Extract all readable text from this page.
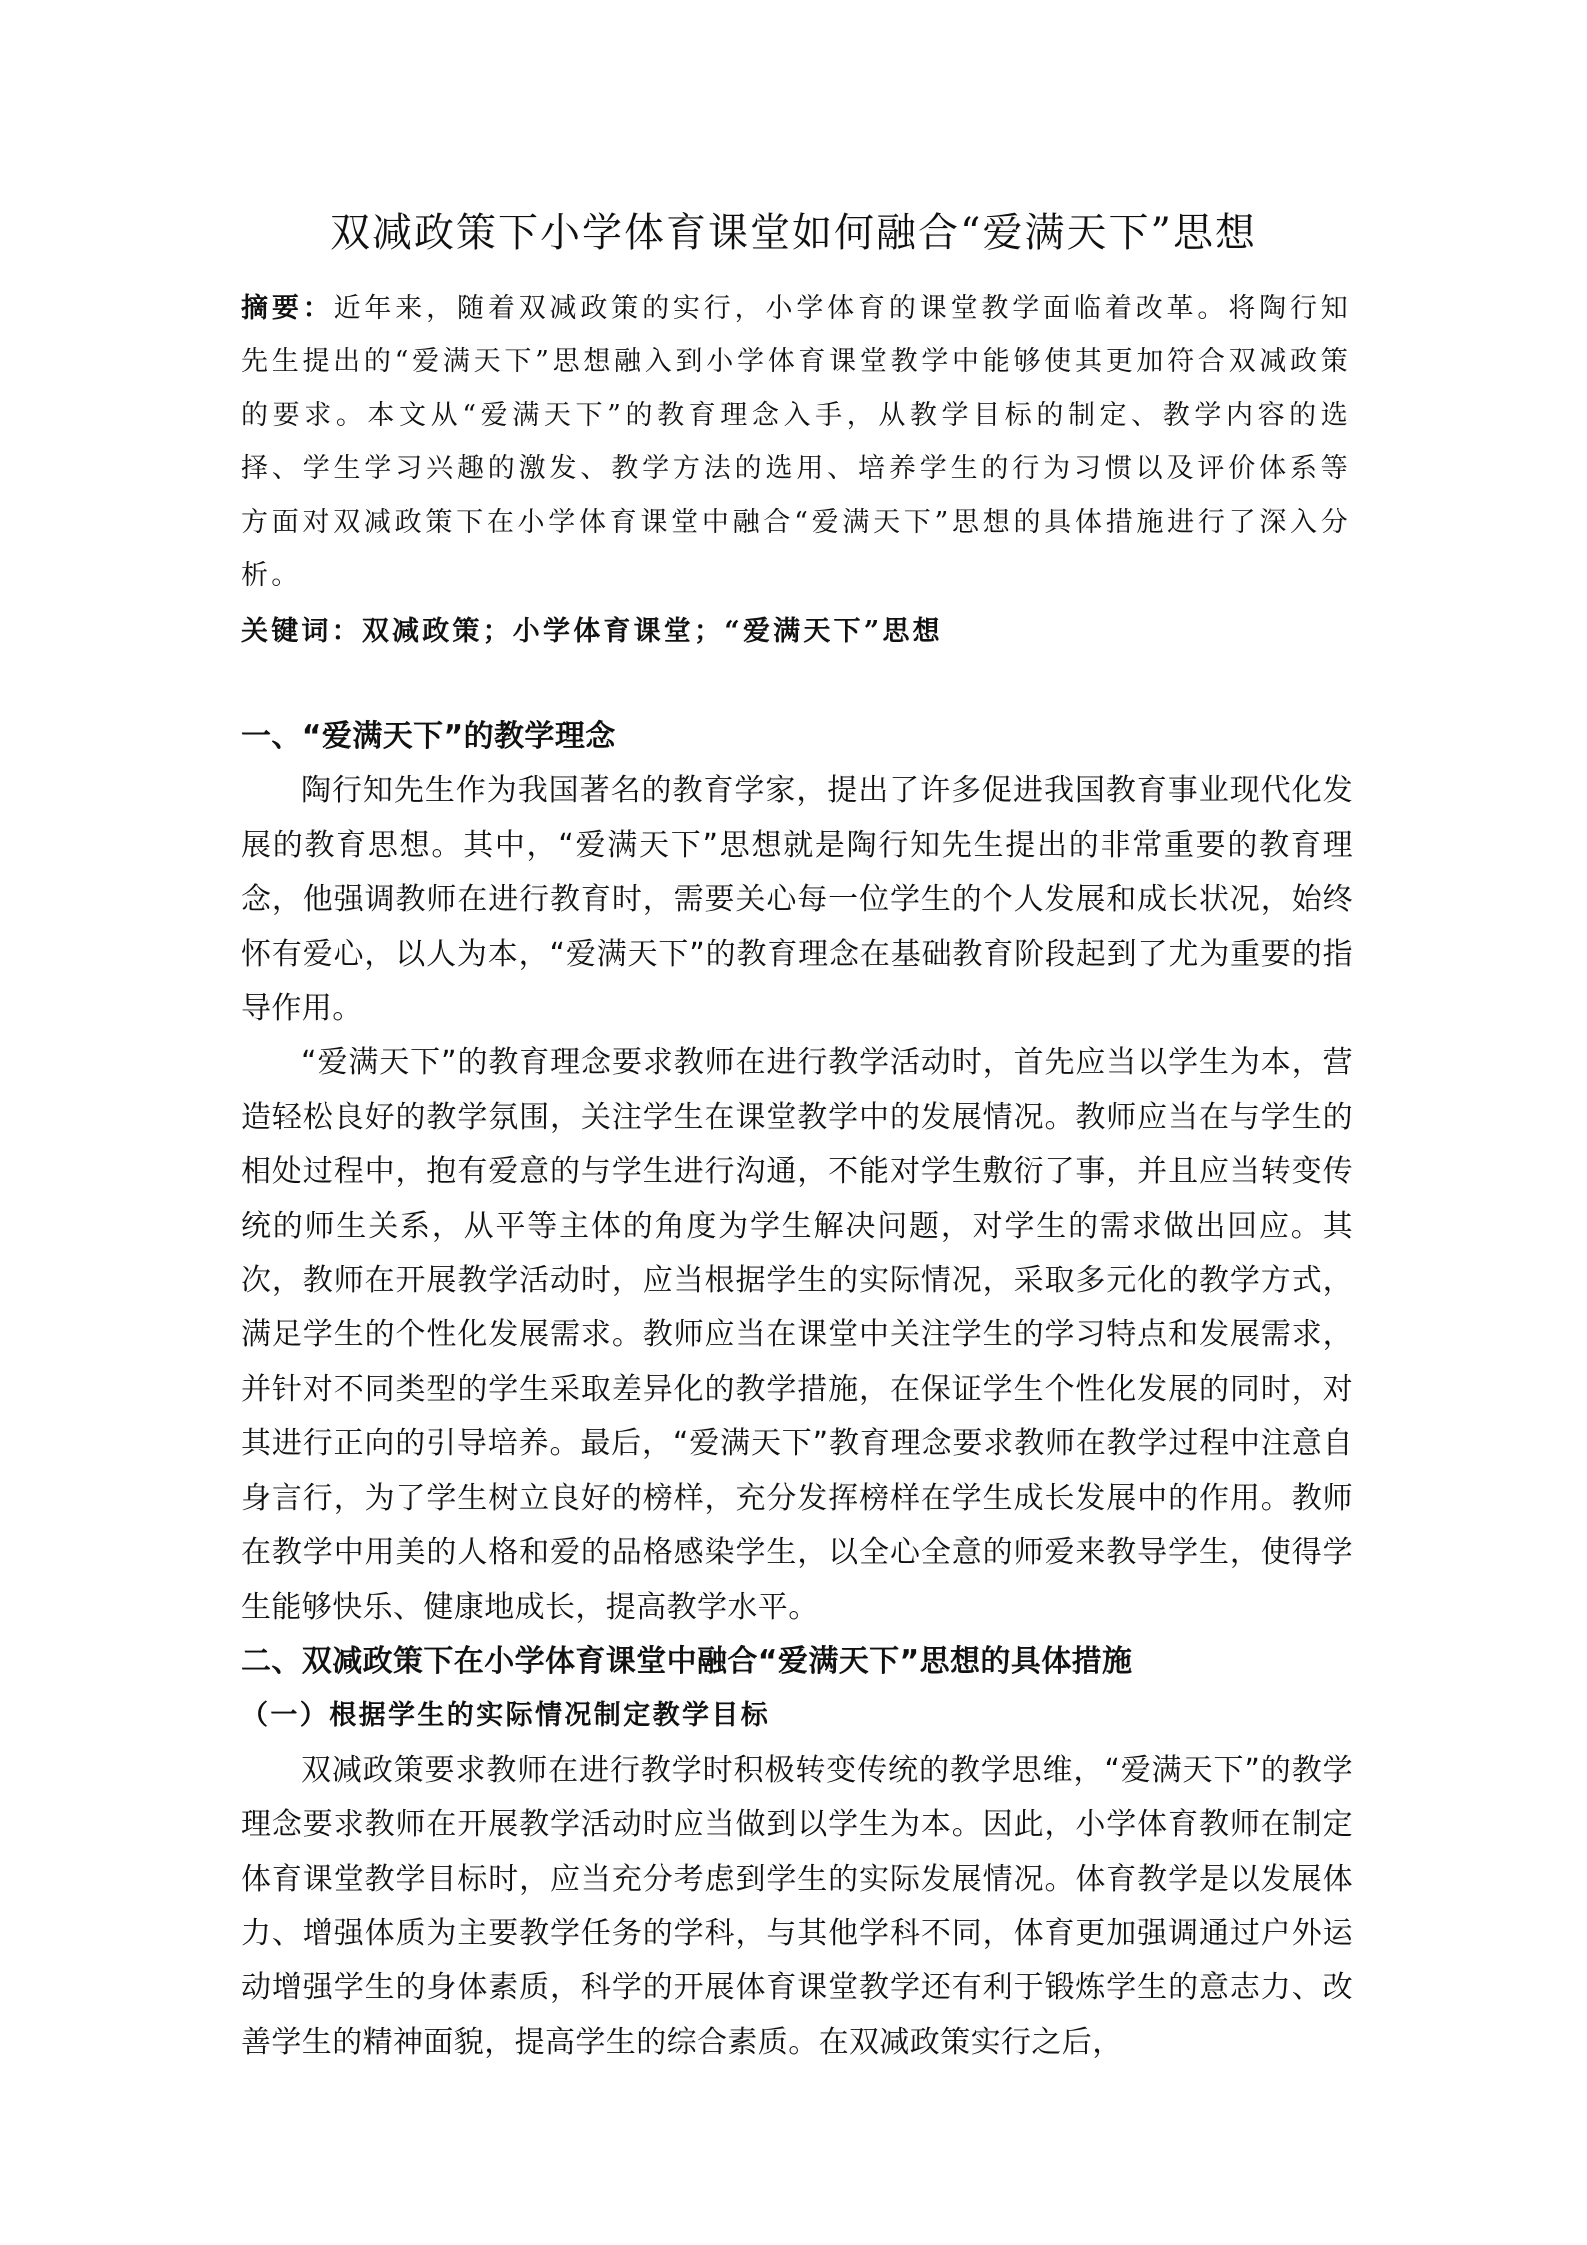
双减政策下小学体育课堂如何融合“爱满天下”思想

摘要：近年来，随着双减政策的实行，小学体育的课堂教学面临着改革。将陶行知先生提出的“爱满天下”思想融入到小学体育课堂教学中能够使其更加符合双减政策的要求。本文从“爱满天下”的教育理念入手，从教学目标的制定、教学内容的选择、学生学习兴趣的激发、教学方法的选用、培养学生的行为习惯以及评价体系等方面对双减政策下在小学体育课堂中融合“爱满天下”思想的具体措施进行了深入分析。

关键词：双减政策；小学体育课堂；“爱满天下”思想

一、“爱满天下”的教学理念

陶行知先生作为我国著名的教育学家，提出了许多促进我国教育事业现代化发展的教育思想。其中，“爱满天下”思想就是陶行知先生提出的非常重要的教育理念，他强调教师在进行教育时，需要关心每一位学生的个人发展和成长状况，始终怀有爱心，以人为本，“爱满天下”的教育理念在基础教育阶段起到了尤为重要的指导作用。

“爱满天下”的教育理念要求教师在进行教学活动时，首先应当以学生为本，营造轻松良好的教学氛围，关注学生在课堂教学中的发展情况。教师应当在与学生的相处过程中，抱有爱意的与学生进行沟通，不能对学生敷衍了事，并且应当转变传统的师生关系，从平等主体的角度为学生解决问题，对学生的需求做出回应。其次，教师在开展教学活动时，应当根据学生的实际情况，采取多元化的教学方式，满足学生的个性化发展需求。教师应当在课堂中关注学生的学习特点和发展需求，并针对不同类型的学生采取差异化的教学措施，在保证学生个性化发展的同时，对其进行正向的引导培养。最后，“爱满天下”教育理念要求教师在教学过程中注意自身言行，为了学生树立良好的榜样，充分发挥榜样在学生成长发展中的作用。教师在教学中用美的人格和爱的品格感染学生，以全心全意的师爱来教导学生，使得学生能够快乐、健康地成长，提高教学水平。

二、双减政策下在小学体育课堂中融合“爱满天下”思想的具体措施
（一）根据学生的实际情况制定教学目标

双减政策要求教师在进行教学时积极转变传统的教学思维，“爱满天下”的教学理念要求教师在开展教学活动时应当做到以学生为本。因此，小学体育教师在制定体育课堂教学目标时，应当充分考虑到学生的实际发展情况。体育教学是以发展体力、增强体质为主要教学任务的学科，与其他学科不同，体育更加强调通过户外运动增强学生的身体素质，科学的开展体育课堂教学还有利于锻炼学生的意志力、改善学生的精神面貌，提高学生的综合素质。在双减政策实行之后，
